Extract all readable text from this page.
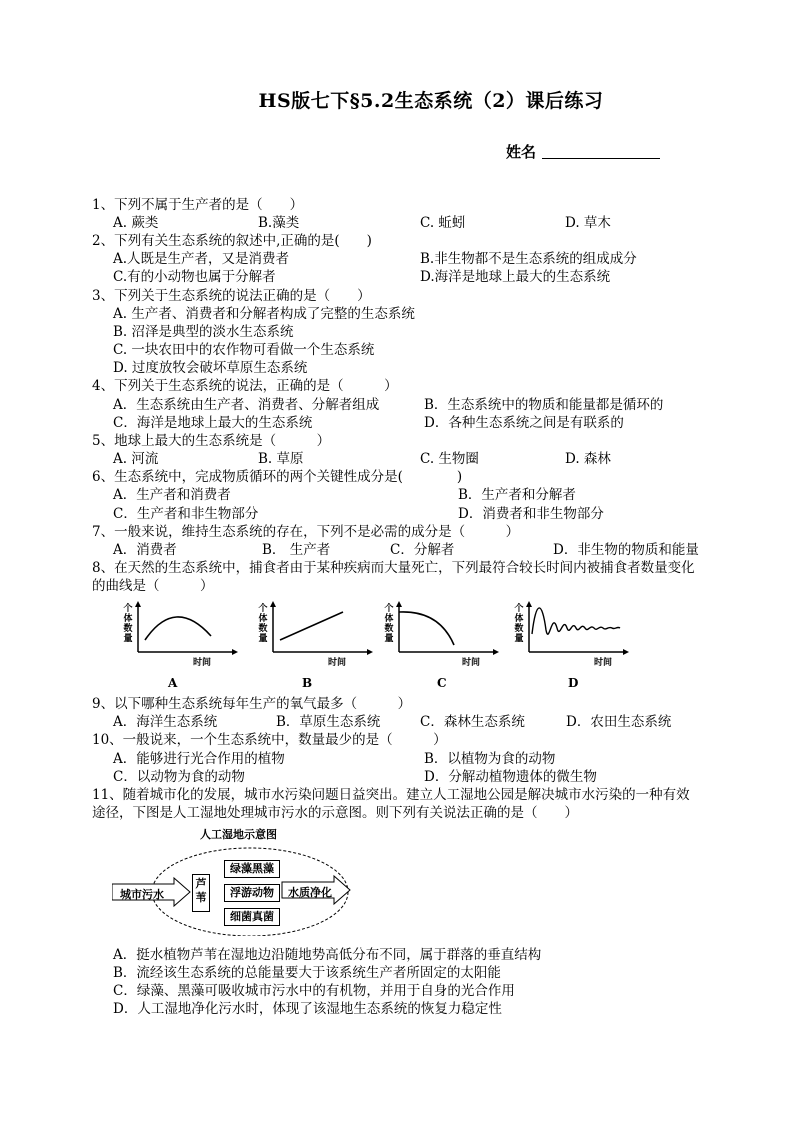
HS版七下§5.2生态系统（2）课后练习
姓名
1、下列不属于生产者的是（　　）
A. 蕨类	B.藻类	C. 蚯蚓	D. 草木
2、下列有关生态系统的叙述中,正确的是(　　)
A.人既是生产者，又是消费者	B.非生物都不是生态系统的组成成分
C.有的小动物也属于分解者	D.海洋是地球上最大的生态系统
3、下列关于生态系统的说法正确的是（　　）
A. 生产者、消费者和分解者构成了完整的生态系统
B. 沼泽是典型的淡水生态系统
C. 一块农田中的农作物可看做一个生态系统
D. 过度放牧会破坏草原生态系统
4、下列关于生态系统的说法，正确的是（　　　）
A．生态系统由生产者、消费者、分解者组成	B．生态系统中的物质和能量都是循环的
C．海洋是地球上最大的生态系统	D．各种生态系统之间是有联系的
5、地球上最大的生态系统是（　　　）
A. 河流	B. 草原	C. 生物圈	D. 森林
6、生态系统中，完成物质循环的两个关键性成分是(　　　　)
A．生产者和消费者	B．生产者和分解者
C．生产者和非生物部分	D．消费者和非生物部分
7、一般来说，维持生态系统的存在，下列不是必需的成分是（　　　）
A．消费者	B． 生产者	C．分解者	D．非生物的物质和能量
8、在天然的生态系统中，捕食者由于某种疾病而大量死亡，下列最符合较长时间内被捕食者数量变化的曲线是（　　　）
个体数量
时间
A
个体数量
时间
B
个体数量
时间
C
个体数量
时间
D
9、以下哪种生态系统每年生产的氧气最多（　　　）
A．海洋生态系统	B．草原生态系统	C．森林生态系统	D．农田生态系统
10、一般说来，一个生态系统中，数量最少的是（　　　）
A．能够进行光合作用的植物	B．以植物为食的动物
C．以动物为食的动物	D．分解动植物遗体的微生物
11、随着城市化的发展，城市水污染问题日益突出。建立人工湿地公园是解决城市水污染的一种有效途径，下图是人工湿地处理城市污水的示意图。则下列有关说法正确的是（　　）
人工湿地示意图
城市污水
芦苇
绿藻黑藻
浮游动物
细菌真菌
水质净化
A．挺水植物芦苇在湿地边沿随地势高低分布不同，属于群落的垂直结构
B．流经该生态系统的总能量要大于该系统生产者所固定的太阳能
C．绿藻、黑藻可吸收城市污水中的有机物，并用于自身的光合作用
D．人工湿地净化污水时，体现了该湿地生态系统的恢复力稳定性
